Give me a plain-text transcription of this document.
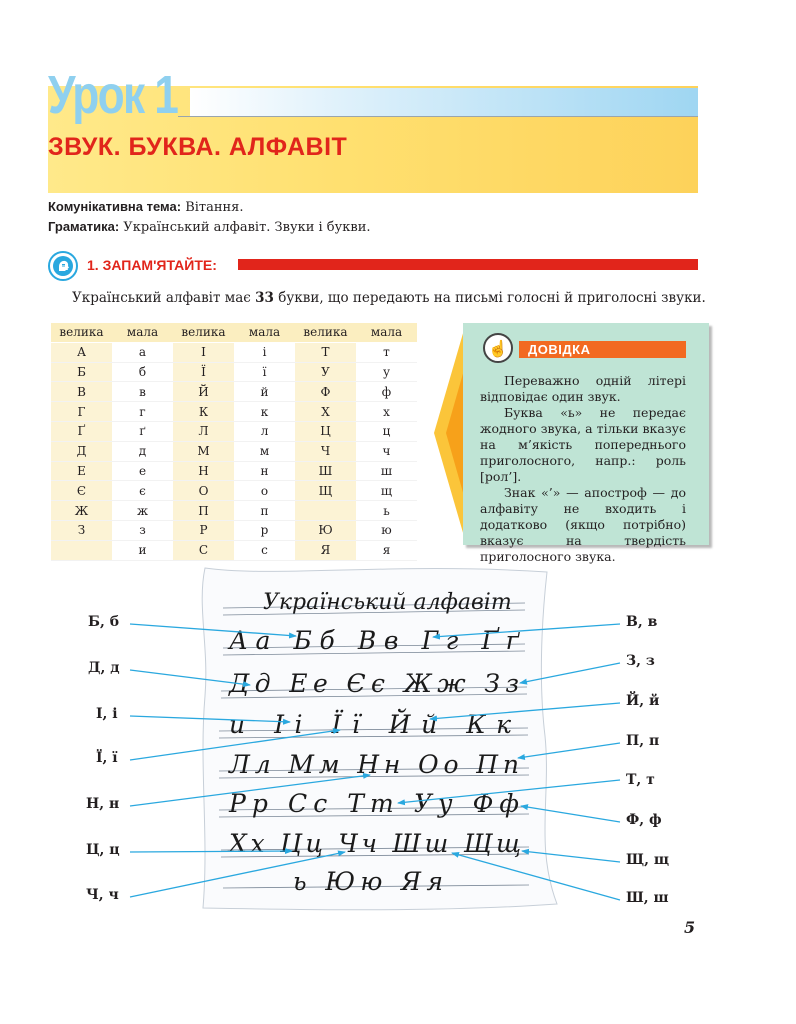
Урок 1
ЗВУК. БУКВА. АЛФАВІТ
Комунікативна тема: Вітання.
Граматика: Український алфавіт. Звуки і букви.
1. ЗАПАМ'ЯТАЙТЕ:
Український алфавіт має 33 букви, що передають на письмі голосні й приголосні звуки.
велика	мала	велика	мала	велика	мала
А	а	І	і	Т	т
Б	б	Ї	ї	У	у
В	в	Й	й	Ф	ф
Г	г	К	к	Х	х
Ґ	ґ	Л	л	Ц	ц
Д	д	М	м	Ч	ч
Е	е	Н	н	Ш	ш
Є	є	О	о	Щ	щ
Ж	ж	П	п		ь
З	з	Р	р	Ю	ю
	и	С	с	Я	я
☝	ДОВІДКА

Переважно одній літері відповідає один звук.

Буква «ь» не передає жодного звука, а тільки вказує на м’якість попереднього приголосного, напр.: роль [рол’].

Знак «’» — апостроф — до алфавіту не входить і додатково (якщо потрібно) вказує на твердість приголосного звука.

Український алфавіт
Аа Бб Вв Гг Ґґ
Дд Ее Єє Жж Зз
и Іі Її Йй Кк
Лл Мм Нн Оо Пп
Рр Сс Тт Уу Фф
Хх Цц Чч Шш Щщ
ь Юю Яя
Б, б
Д, д
І, і
Ї, ї
Н, н
Ц, ц
Ч, ч
В, в
З, з
Й, й
П, п
Т, т
Ф, ф
Щ, щ
Ш, ш
5
